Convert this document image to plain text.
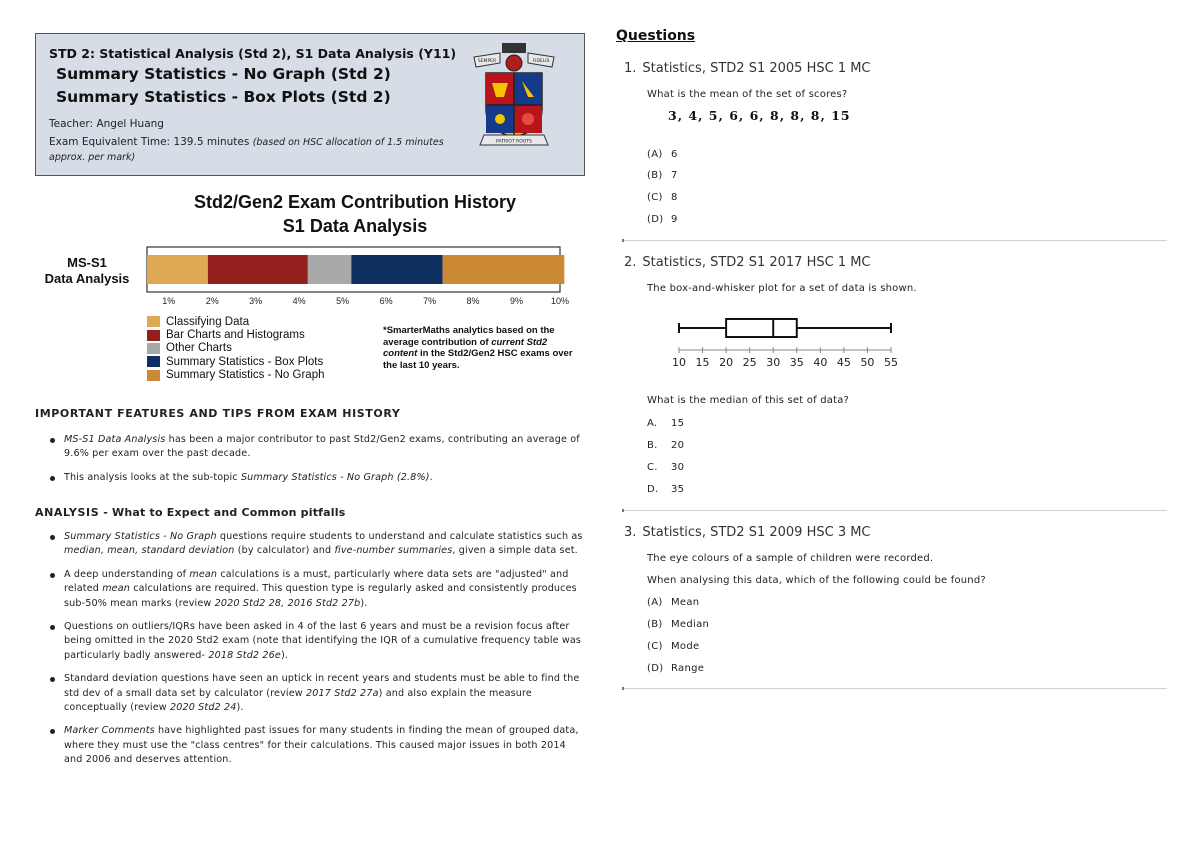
STD 2: Statistical Analysis (Std 2), S1 Data Analysis (Y11)
Summary Statistics - No Graph (Std 2)
Summary Statistics - Box Plots (Std 2)
Teacher: Angel Huang
Exam Equivalent Time: 139.5 minutes (based on HSC allocation of 1.5 minutes approx. per mark)
SEMPER	FIDELIS
PATRIOT ROOTS
Std2/Gen2 Exam Contribution History
S1 Data Analysis
MS-S1
Data Analysis
1%	2%	3%	4%	5%	6%	7%	8%	9%	10%
Classifying Data
Bar Charts and Histograms
Other Charts
Summary Statistics - Box Plots
Summary Statistics - No Graph
*SmarterMaths analytics based on the average contribution of current Std2 content in the Std2/Gen2 HSC exams over the last 10 years.
IMPORTANT FEATURES AND TIPS FROM EXAM HISTORY
MS-S1 Data Analysis has been a major contributor to past Std2/Gen2 exams, contributing an average of 9.6% per exam over the past decade.
This analysis looks at the sub-topic Summary Statistics - No Graph (2.8%).
ANALYSIS - What to Expect and Common pitfalls
Summary Statistics - No Graph questions require students to understand and calculate statistics such as median, mean, standard deviation (by calculator) and five-number summaries, given a simple data set.
A deep understanding of mean calculations is a must, particularly where data sets are "adjusted" and related mean calculations are required. This question type is regularly asked and consistently produces sub-50% mean marks (review 2020 Std2 28, 2016 Std2 27b).
Questions on outliers/IQRs have been asked in 4 of the last 6 years and must be a revision focus after being omitted in the 2020 Std2 exam (note that identifying the IQR of a cumulative frequency table was particularly badly answered- 2018 Std2 26e).
Standard deviation questions have seen an uptick in recent years and students must be able to find the std dev of a small data set by calculator (review 2017 Std2 27a) and also explain the measure conceptually (review 2020 Std2 24).
Marker Comments have highlighted past issues for many students in finding the mean of grouped data, where they must use the "class centres" for their calculations. This caused major issues in both 2014 and 2006 and deserves attention.
Questions
1. Statistics, STD2 S1 2005 HSC 1 MC
What is the mean of the set of scores?
3, 4, 5, 6, 6, 8, 8, 8, 15
(A) 6
(B) 7
(C) 8
(D) 9
2. Statistics, STD2 S1 2017 HSC 1 MC
The box-and-whisker plot for a set of data is shown.
10 15 20 25 30 35 40 45 50 55
What is the median of this set of data?
A. 15
B. 20
C. 30
D. 35
3. Statistics, STD2 S1 2009 HSC 3 MC
The eye colours of a sample of children were recorded.
When analysing this data, which of the following could be found?
(A) Mean
(B) Median
(C) Mode
(D) Range
